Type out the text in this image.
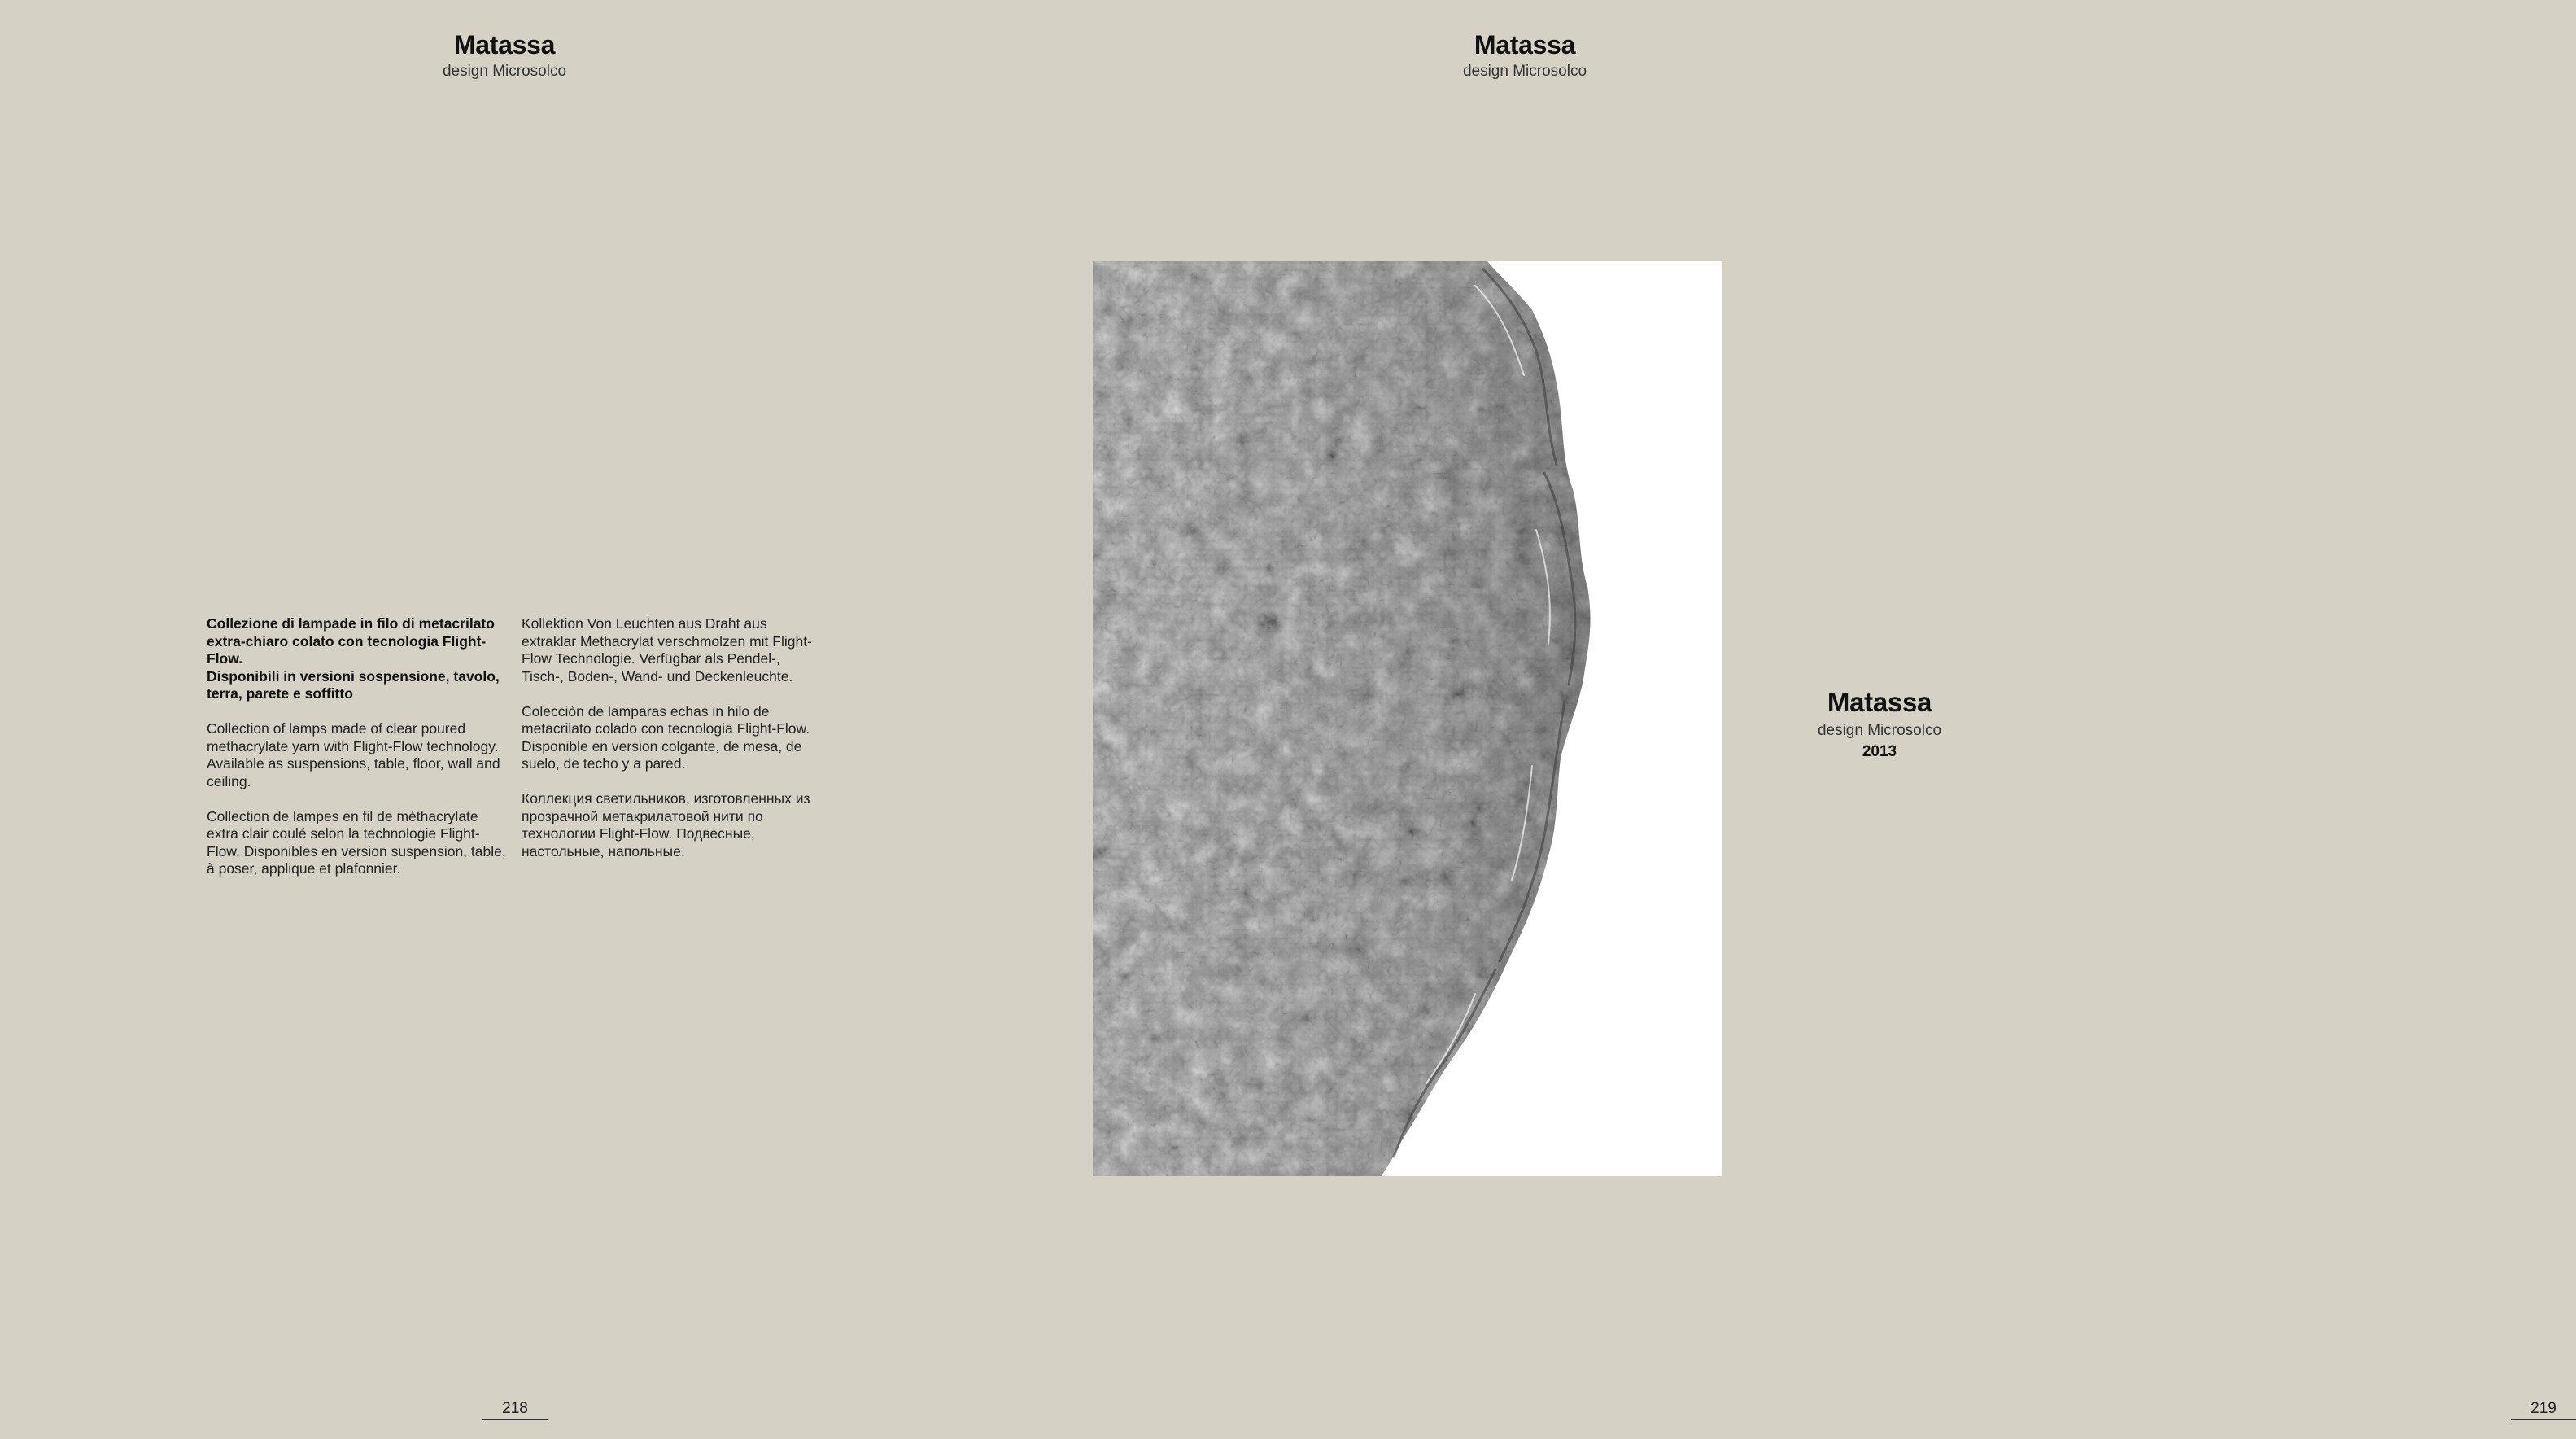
Matassa
design Microsolco

Collezione di lampade in filo di metacrilato
extra-chiaro colato con tecnologia Flight-
Flow.
Disponibili in versioni sospensione, tavolo,
terra, parete e soffitto

Collection of lamps made of clear poured methacrylate yarn with Flight-Flow technology. Available as suspensions, table, floor, wall and ceiling.

Collection de lampes en fil de méthacrylate extra clair coulé selon la technologie Flight-Flow. Disponibles en version suspension, table, à poser, applique et plafonnier.

Kollektion Von Leuchten aus Draht aus extraklar Methacrylat verschmolzen mit Flight-Flow Technologie. Verfügbar als Pendel-, Tisch-, Boden-, Wand- und Deckenleuchte.

Colecciòn de lamparas echas in hilo de metacrilato colado con tecnologia Flight-Flow. Disponible en version colgante, de mesa, de suelo, de techo y a pared.

Коллекция светильников, изготовленных из прозрачной метакрилатовой нити по технологии Flight-Flow. Подвесные, настольные, напольные.

218
Matassa
design Microsolco
219
Matassa
design Microsolco
2013
